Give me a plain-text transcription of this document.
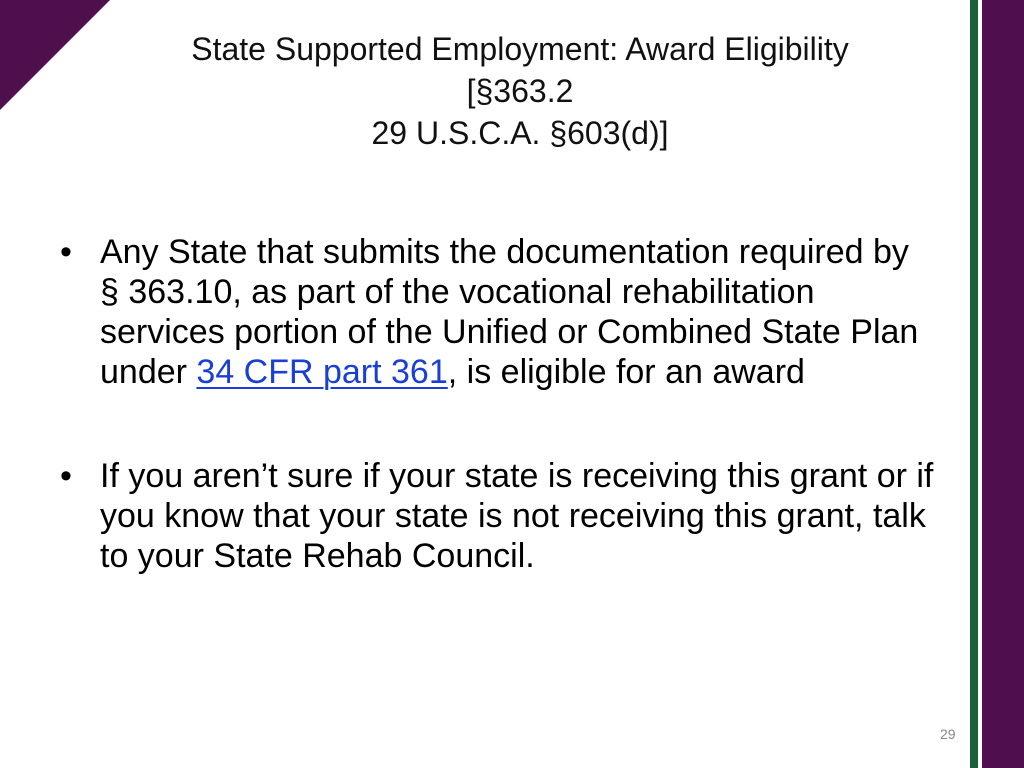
State Supported Employment: Award Eligibility
[§363.2
29 U.S.C.A. §603(d)]
• Any State that submits the documentation required by § 363.10, as part of the vocational rehabilitation services portion of the Unified or Combined State Plan under 34 CFR part 361, is eligible for an award
• If you aren’t sure if your state is receiving this grant or if you know that your state is not receiving this grant, talk to your State Rehab Council.
29
